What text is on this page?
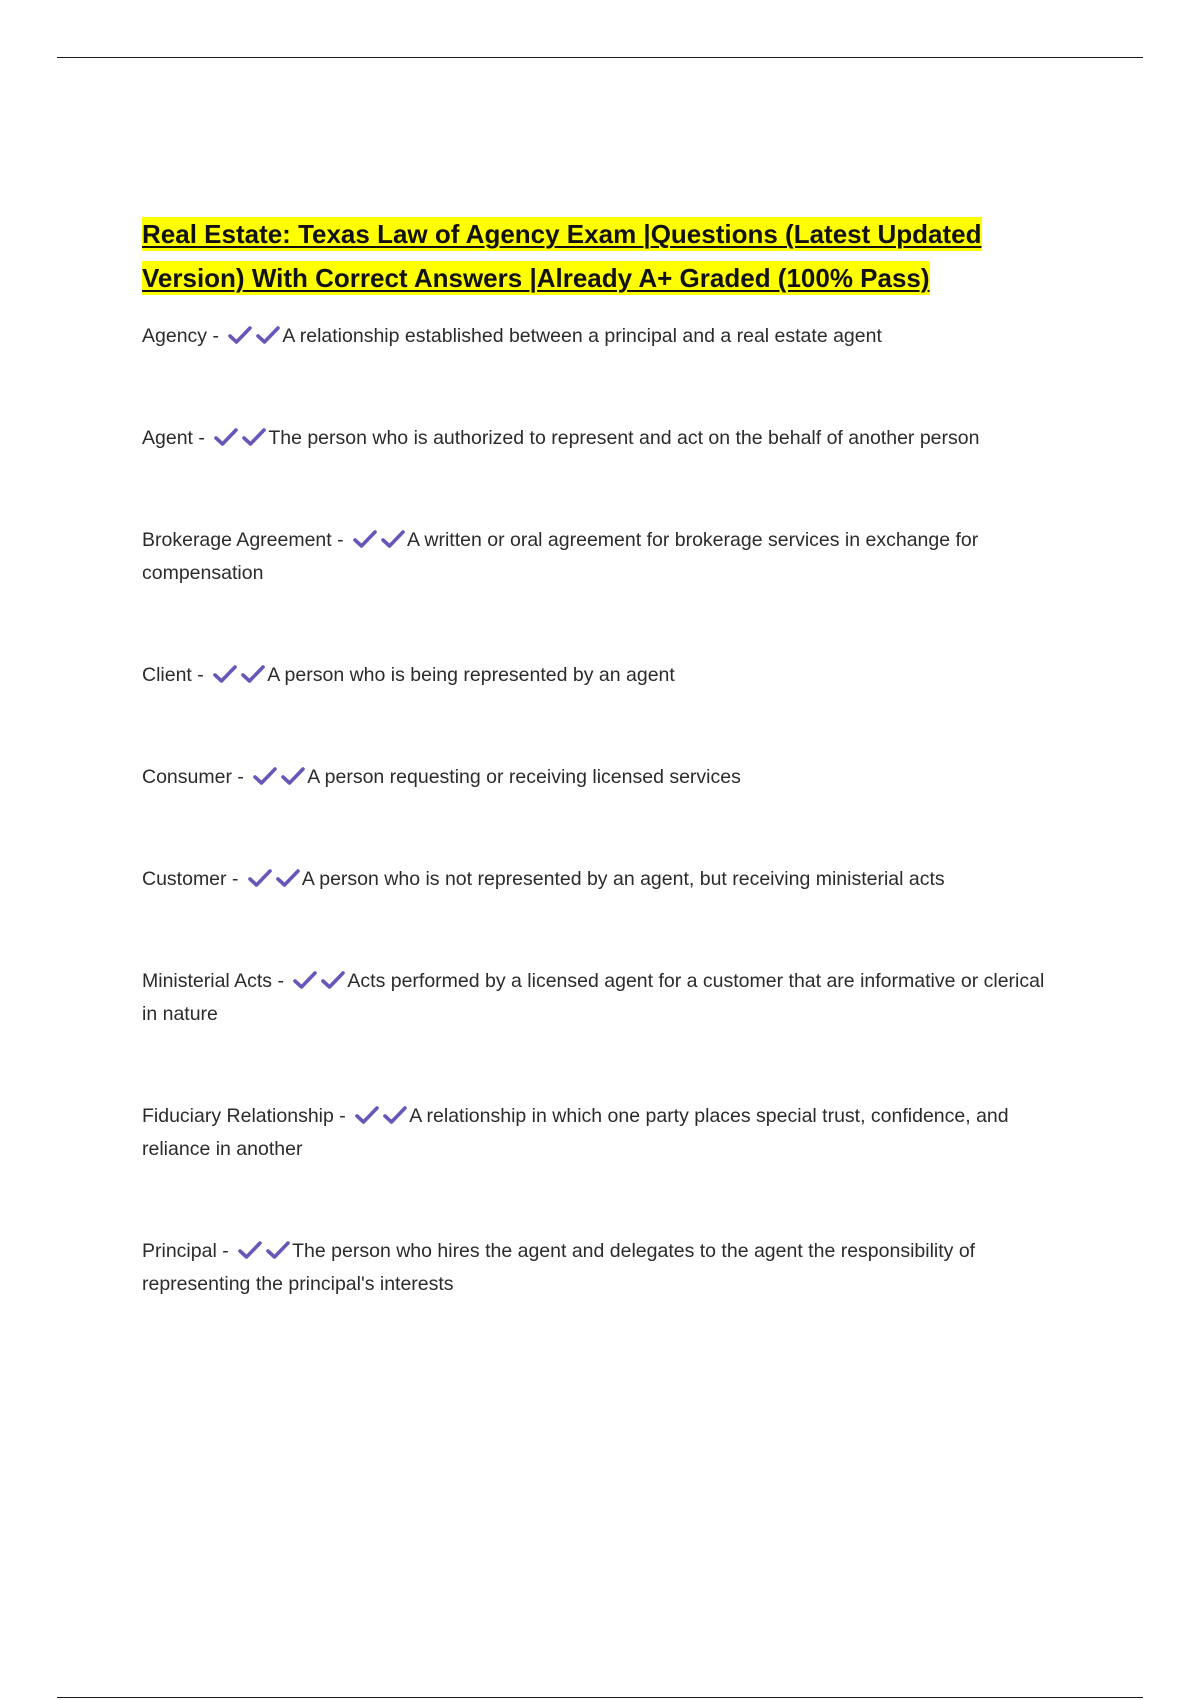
Real Estate: Texas Law of Agency Exam |Questions (Latest Updated Version) With Correct Answers |Already A+ Graded (100% Pass)
Agency -	A relationship established between a principal and a real estate agent
Agent -	The person who is authorized to represent and act on the behalf of another person
Brokerage Agreement -	A written or oral agreement for brokerage services in exchange for compensation
Client -	A person who is being represented by an agent
Consumer -	A person requesting or receiving licensed services
Customer -	A person who is not represented by an agent, but receiving ministerial acts
Ministerial Acts -	Acts performed by a licensed agent for a customer that are informative or clerical in nature
Fiduciary Relationship -	A relationship in which one party places special trust, confidence, and reliance in another
Principal -	The person who hires the agent and delegates to the agent the responsibility of representing the principal's interests
